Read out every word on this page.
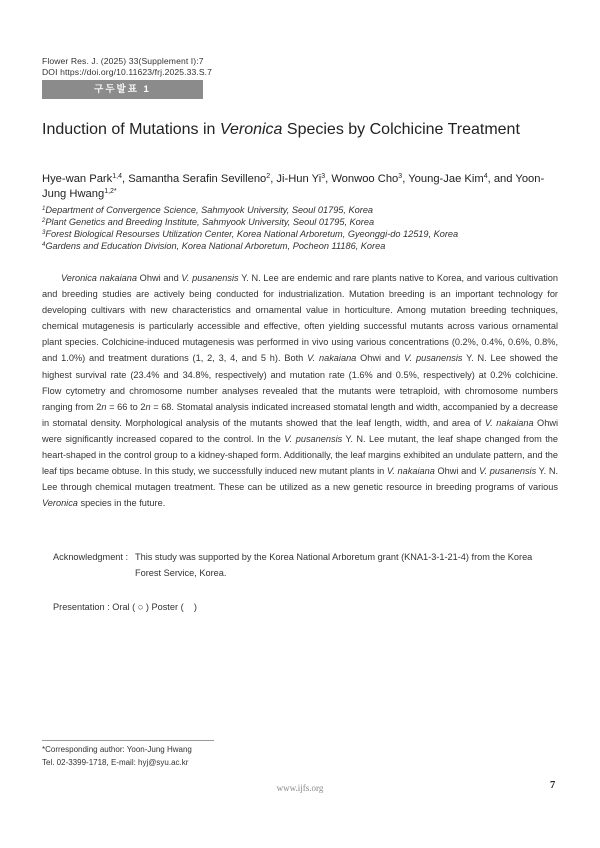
Flower Res. J. (2025) 33(Supplement I):7
DOI https://doi.org/10.11623/frj.2025.33.S.7
구두발표 1
Induction of Mutations in Veronica Species by Colchicine Treatment
Hye-wan Park$^{1,4}$, Samantha Serafin Sevilleno$^2$, Ji-Hun Yi$^3$, Wonwoo Cho$^3$, Young-Jae Kim$^4$, and Yoon-Jung Hwang$^{1,2*}$
$^1$Department of Convergence Science, Sahmyook University, Seoul 01795, Korea
$^2$Plant Genetics and Breeding Institute, Sahmyook University, Seoul 01795, Korea
$^3$Forest Biological Resourses Utilization Center, Korea National Arboretum, Gyeonggi-do 12519, Korea
$^4$Gardens and Education Division, Korea National Arboretum, Pocheon 11186, Korea
Veronica nakaiana Ohwi and V. pusanensis Y. N. Lee are endemic and rare plants native to Korea, and various cultivation and breeding studies are actively being conducted for industrialization. Mutation breeding is an important technology for developing cultivars with new characteristics and ornamental value in horticulture. Among mutation breeding techniques, chemical mutagenesis is particularly accessible and effective, often yielding successful mutants across various ornamental plant species. Colchicine-induced mutagenesis was performed in vivo using various concentrations (0.2%, 0.4%, 0.6%, 0.8%, and 1.0%) and treatment durations (1, 2, 3, 4, and 5 h). Both V. nakaiana Ohwi and V. pusanensis Y. N. Lee showed the highest survival rate (23.4% and 34.8%, respectively) and mutation rate (1.6% and 0.5%, respectively) at 0.2% colchicine. Flow cytometry and chromosome number analyses revealed that the mutants were tetraploid, with chromosome numbers ranging from 2n = 66 to 2n = 68. Stomatal analysis indicated increased stomatal length and width, accompanied by a decrease in stomatal density. Morphological analysis of the mutants showed that the leaf length, width, and area of V. nakaiana Ohwi were significantly increased copared to the control. In the V. pusanensis Y. N. Lee mutant, the leaf shape changed from the heart-shaped in the control group to a kidney-shaped form. Additionally, the leaf margins exhibited an undulate pattern, and the leaf tips became obtuse. In this study, we successfully induced new mutant plants in V. nakaiana Ohwi and V. pusanensis Y. N. Lee through chemical mutagen treatment. These can be utilized as a new genetic resource in breeding programs of various Veronica species in the future.
Acknowledgment : This study was supported by the Korea National Arboretum grant (KNA1-3-1-21-4) from the Korea Forest Service, Korea.
Presentation : Oral ( ○ ) Poster (    )
*Corresponding author: Yoon-Jung Hwang
Tel. 02-3399-1718, E-mail: hyj@syu.ac.kr
www.ijfs.org	7
